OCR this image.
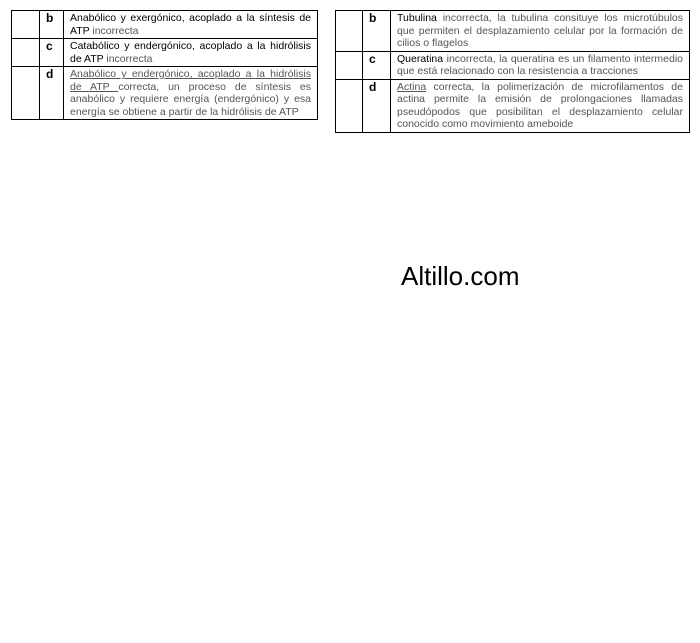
	b	Anabólico y exergónico, acoplado a la síntesis de ATP incorrecta
	c	Catabólico y endergónico, acoplado a la hidrólisis de ATP incorrecta
	d	Anabólico y endergónico, acoplado a la hidrólisis de ATP correcta, un proceso de síntesis es anabólico y requiere energía (endergónico) y esa energía se obtiene a partir de la hidrólisis de ATP
	b	Tubulina incorrecta, la tubulina consituye los microtúbulos que permiten el desplazamiento celular por la formación de cilios o flagelos
	c	Queratina incorrecta, la queratina es un filamento intermedio que está relacionado con la resistencia a tracciones
	d	Actina correcta, la polimerización de microfilamentos de actina permite la emisión de prolongaciones llamadas pseudópodos que posibilitan el desplazamiento celular conocido como movimiento ameboide
Altillo.com
